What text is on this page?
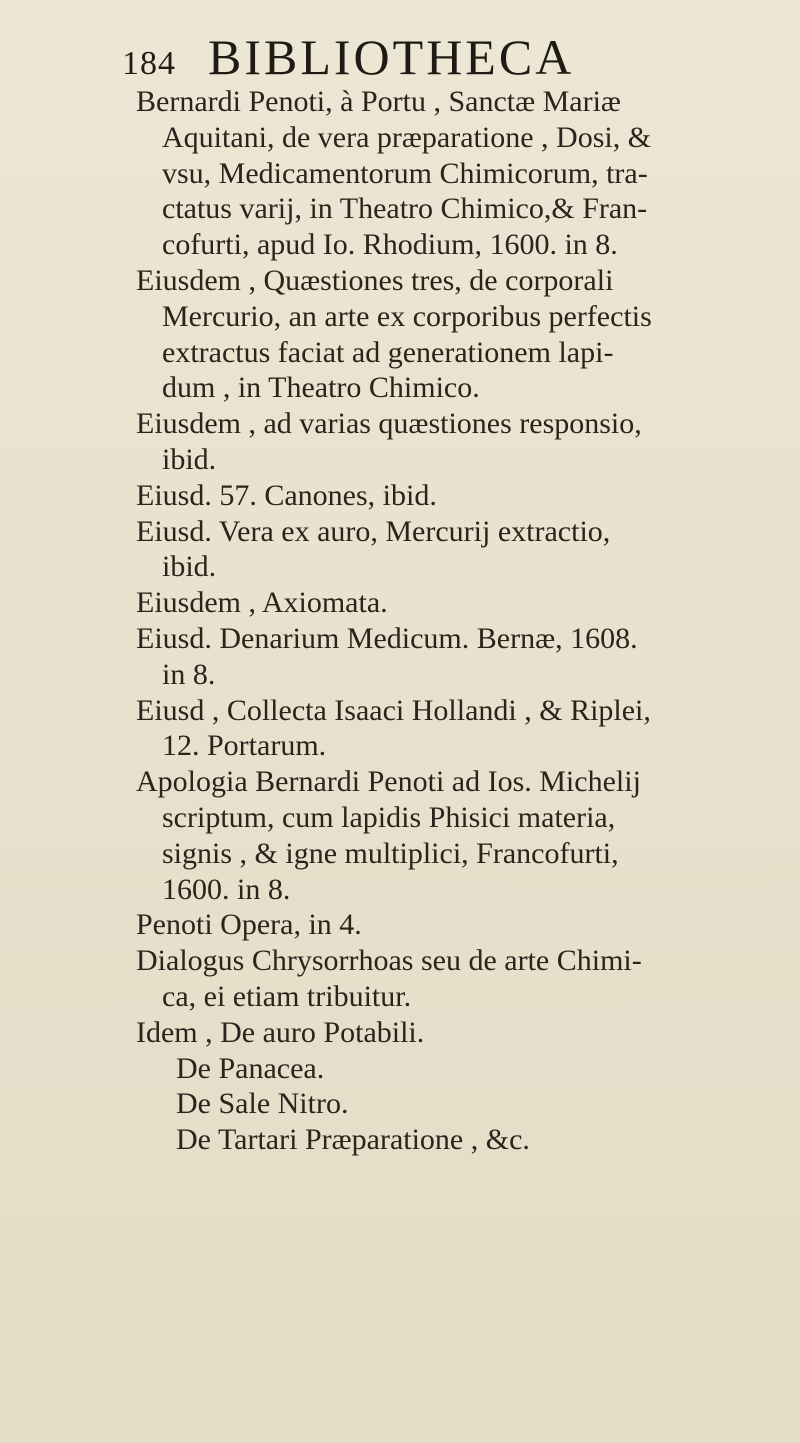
184 BIBLIOTHECA
Bernardi Penoti, à Portu , Sanctæ Mariæ
Aquitani, de vera præparatione , Dosi, &
vsu, Medicamentorum Chimicorum, tra-
ctatus varij, in Theatro Chimico,& Fran-
cofurti, apud Io. Rhodium, 1600. in 8.
Eiusdem , Quæstiones tres, de corporali
Mercurio, an arte ex corporibus perfectis
extractus faciat ad generationem lapi-
dum , in Theatro Chimico.
Eiusdem , ad varias quæstiones responsio,
ibid.
Eiusd. 57. Canones, ibid.
Eiusd. Vera ex auro, Mercurij extractio,
ibid.
Eiusdem , Axiomata.
Eiusd. Denarium Medicum. Bernæ, 1608.
in 8.
Eiusd , Collecta Isaaci Hollandi , & Riplei,
12. Portarum.
Apologia Bernardi Penoti ad Ios. Michelij
scriptum, cum lapidis Phisici materia,
signis , & igne multiplici, Francofurti,
1600. in 8.
Penoti Opera, in 4.
Dialogus Chrysorrhoas seu de arte Chimi-
ca, ei etiam tribuitur.
Idem , De auro Potabili.
De Panacea.
De Sale Nitro.
De Tartari Præparatione , &c.
